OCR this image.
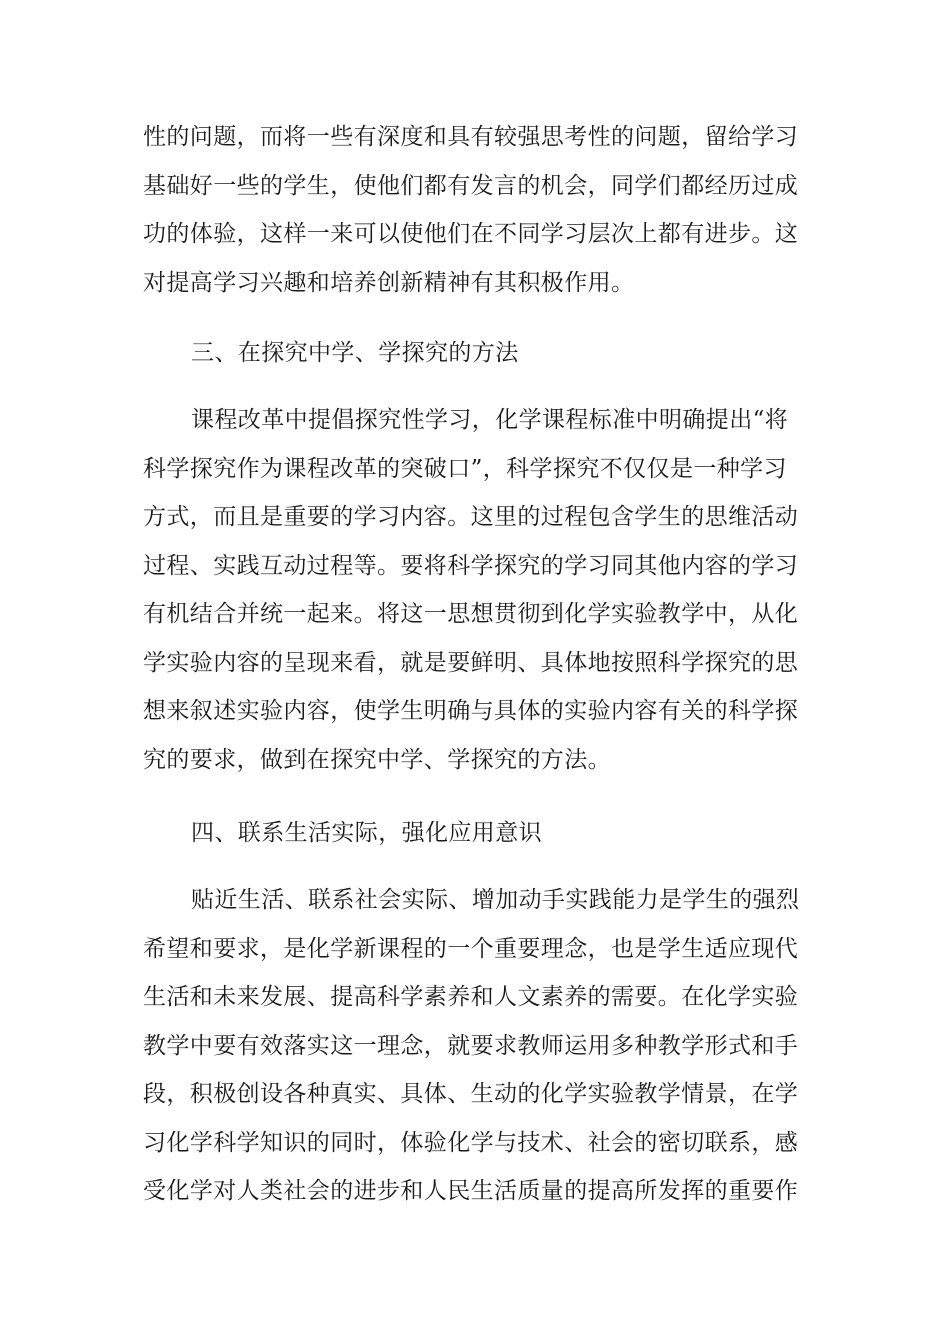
性的问题，而将一些有深度和具有较强思考性的问题，留给学习
基础好一些的学生，使他们都有发言的机会，同学们都经历过成
功的体验，这样一来可以使他们在不同学习层次上都有进步。这
对提高学习兴趣和培养创新精神有其积极作用。
三、在探究中学、学探究的方法
课程改革中提倡探究性学习，化学课程标准中明确提出“将
科学探究作为课程改革的突破口”，科学探究不仅仅是一种学习
方式，而且是重要的学习内容。这里的过程包含学生的思维活动
过程、实践互动过程等。要将科学探究的学习同其他内容的学习
有机结合并统一起来。将这一思想贯彻到化学实验教学中，从化
学实验内容的呈现来看，就是要鲜明、具体地按照科学探究的思
想来叙述实验内容，使学生明确与具体的实验内容有关的科学探
究的要求，做到在探究中学、学探究的方法。
四、联系生活实际，强化应用意识
贴近生活、联系社会实际、增加动手实践能力是学生的强烈
希望和要求，是化学新课程的一个重要理念，也是学生适应现代
生活和未来发展、提高科学素养和人文素养的需要。在化学实验
教学中要有效落实这一理念，就要求教师运用多种教学形式和手
段，积极创设各种真实、具体、生动的化学实验教学情景，在学
习化学科学知识的同时，体验化学与技术、社会的密切联系，感
受化学对人类社会的进步和人民生活质量的提高所发挥的重要作
